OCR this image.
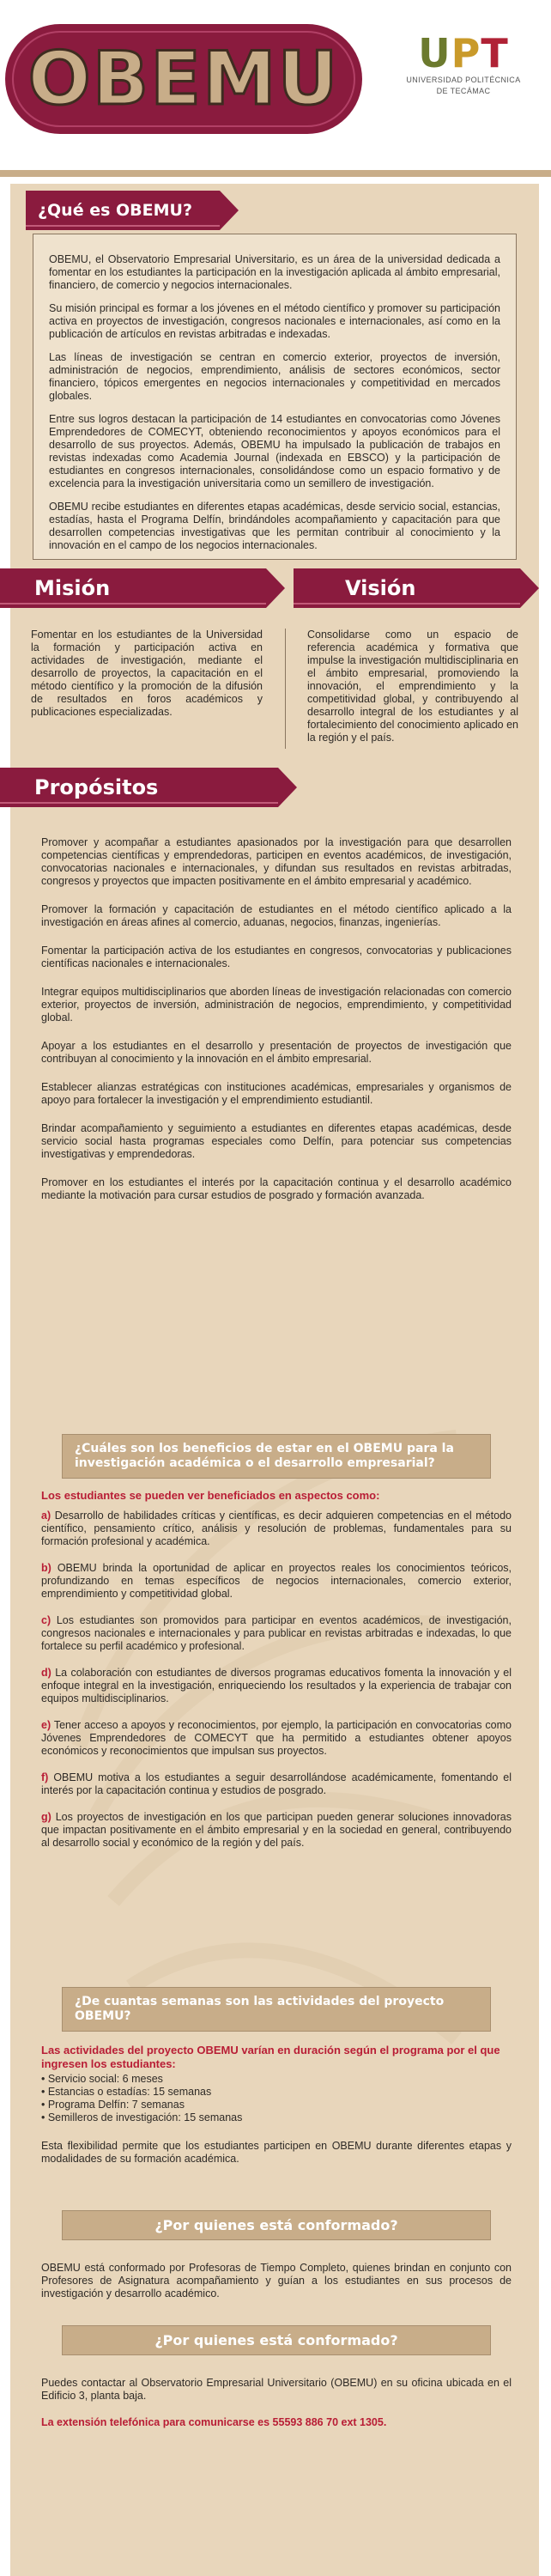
OBEMU	UPT
UNIVERSIDAD POLITÉCNICA
DE TECÁMAC
¿Qué es OBEMU?

OBEMU, el Observatorio Empresarial Universitario, es un área de la universidad dedicada a fomentar en los estudiantes la participación en la investigación aplicada al ámbito empresarial, financiero, de comercio y negocios internacionales.

Su misión principal es formar a los jóvenes en el método científico y promover su participación activa en proyectos de investigación, congresos nacionales e internacionales, así como en la publicación de artículos en revistas arbitradas e indexadas.

Las líneas de investigación se centran en comercio exterior, proyectos de inversión, administración de negocios, emprendimiento, análisis de sectores económicos, sector financiero, tópicos emergentes en negocios internacionales y competitividad en mercados globales.

Entre sus logros destacan la participación de 14 estudiantes en convocatorias como Jóvenes Emprendedores de COMECYT, obteniendo reconocimientos y apoyos económicos para el desarrollo de sus proyectos. Además, OBEMU ha impulsado la publicación de trabajos en revistas indexadas como Academia Journal (indexada en EBSCO) y la participación de estudiantes en congresos internacionales, consolidándose como un espacio formativo y de excelencia para la investigación universitaria como un semillero de investigación.

OBEMU recibe estudiantes en diferentes etapas académicas, desde servicio social, estancias, estadías, hasta el Programa Delfín, brindándoles acompañamiento y capacitación para que desarrollen competencias investigativas que les permitan contribuir al conocimiento y la innovación en el campo de los negocios internacionales.

Misión	Visión
Fomentar en los estudiantes de la Universidad la formación y participación activa en actividades de investigación, mediante el desarrollo de proyectos, la capacitación en el método científico y la promoción de la difusión de resultados en foros académicos y publicaciones especializadas.
Consolidarse como un espacio de referencia académica y formativa que impulse la investigación multidisciplinaria en el ámbito empresarial, promoviendo la innovación, el emprendimiento y la competitividad global, y contribuyendo al desarrollo integral de los estudiantes y al fortalecimiento del conocimiento aplicado en la región y el país.
Propósitos

Promover y acompañar a estudiantes apasionados por la investigación para que desarrollen competencias científicas y emprendedoras, participen en eventos académicos, de investigación, convocatorias nacionales e internacionales, y difundan sus resultados en revistas arbitradas, congresos y proyectos que impacten positivamente en el ámbito empresarial y académico.

Promover la formación y capacitación de estudiantes en el método científico aplicado a la investigación en áreas afines al comercio, aduanas, negocios, finanzas, ingenierías.

Fomentar la participación activa de los estudiantes en congresos, convocatorias y publicaciones científicas nacionales e internacionales.

Integrar equipos multidisciplinarios que aborden líneas de investigación relacionadas con comercio exterior, proyectos de inversión, administración de negocios, emprendimiento, y competitividad global.

Apoyar a los estudiantes en el desarrollo y presentación de proyectos de investigación que contribuyan al conocimiento y la innovación en el ámbito empresarial.

Establecer alianzas estratégicas con instituciones académicas, empresariales y organismos de apoyo para fortalecer la investigación y el emprendimiento estudiantil.

Brindar acompañamiento y seguimiento a estudiantes en diferentes etapas académicas, desde servicio social hasta programas especiales como Delfín, para potenciar sus competencias investigativas y emprendedoras.

Promover en los estudiantes el interés por la capacitación continua y el desarrollo académico mediante la motivación para cursar estudios de posgrado y formación avanzada.

¿Cuáles son los beneficios de estar en el OBEMU para la investigación académica o el desarrollo empresarial?
Los estudiantes se pueden ver beneficiados en aspectos como:

a) Desarrollo de habilidades críticas y científicas, es decir adquieren competencias en el método científico, pensamiento crítico, análisis y resolución de problemas, fundamentales para su formación profesional y académica.

b) OBEMU brinda la oportunidad de aplicar en proyectos reales los conocimientos teóricos, profundizando en temas específicos de negocios internacionales, comercio exterior, emprendimiento y competitividad global.

c) Los estudiantes son promovidos para participar en eventos académicos, de investigación, congresos nacionales e internacionales y para publicar en revistas arbitradas e indexadas, lo que fortalece su perfil académico y profesional.

d) La colaboración con estudiantes de diversos programas educativos fomenta la innovación y el enfoque integral en la investigación, enriqueciendo los resultados y la experiencia de trabajar con equipos multidisciplinarios.

e) Tener acceso a apoyos y reconocimientos, por ejemplo, la participación en convocatorias como Jóvenes Emprendedores de COMECYT que ha permitido a estudiantes obtener apoyos económicos y reconocimientos que impulsan sus proyectos.

f) OBEMU motiva a los estudiantes a seguir desarrollándose académicamente, fomentando el interés por la capacitación continua y estudios de posgrado.

g) Los proyectos de investigación en los que participan pueden generar soluciones innovadoras que impactan positivamente en el ámbito empresarial y en la sociedad en general, contribuyendo al desarrollo social y económico de la región y del país.

¿De cuantas semanas son las actividades del proyecto OBEMU?
Las actividades del proyecto OBEMU varían en duración según el programa por el que ingresen los estudiantes:
• Servicio social: 6 meses
• Estancias o estadías: 15 semanas
• Programa Delfín: 7 semanas
• Semilleros de investigación: 15 semanas
Esta flexibilidad permite que los estudiantes participen en OBEMU durante diferentes etapas y modalidades de su formación académica.
¿Por quienes está conformado?
OBEMU está conformado por Profesoras de Tiempo Completo, quienes brindan en conjunto con Profesores de Asignatura acompañamiento y guían a los estudiantes en sus procesos de investigación y desarrollo académico.
¿Por quienes está conformado?
Puedes contactar al Observatorio Empresarial Universitario (OBEMU) en su oficina ubicada en el Edificio 3, planta baja.
La extensión telefónica para comunicarse es 55593 886 70 ext 1305.
